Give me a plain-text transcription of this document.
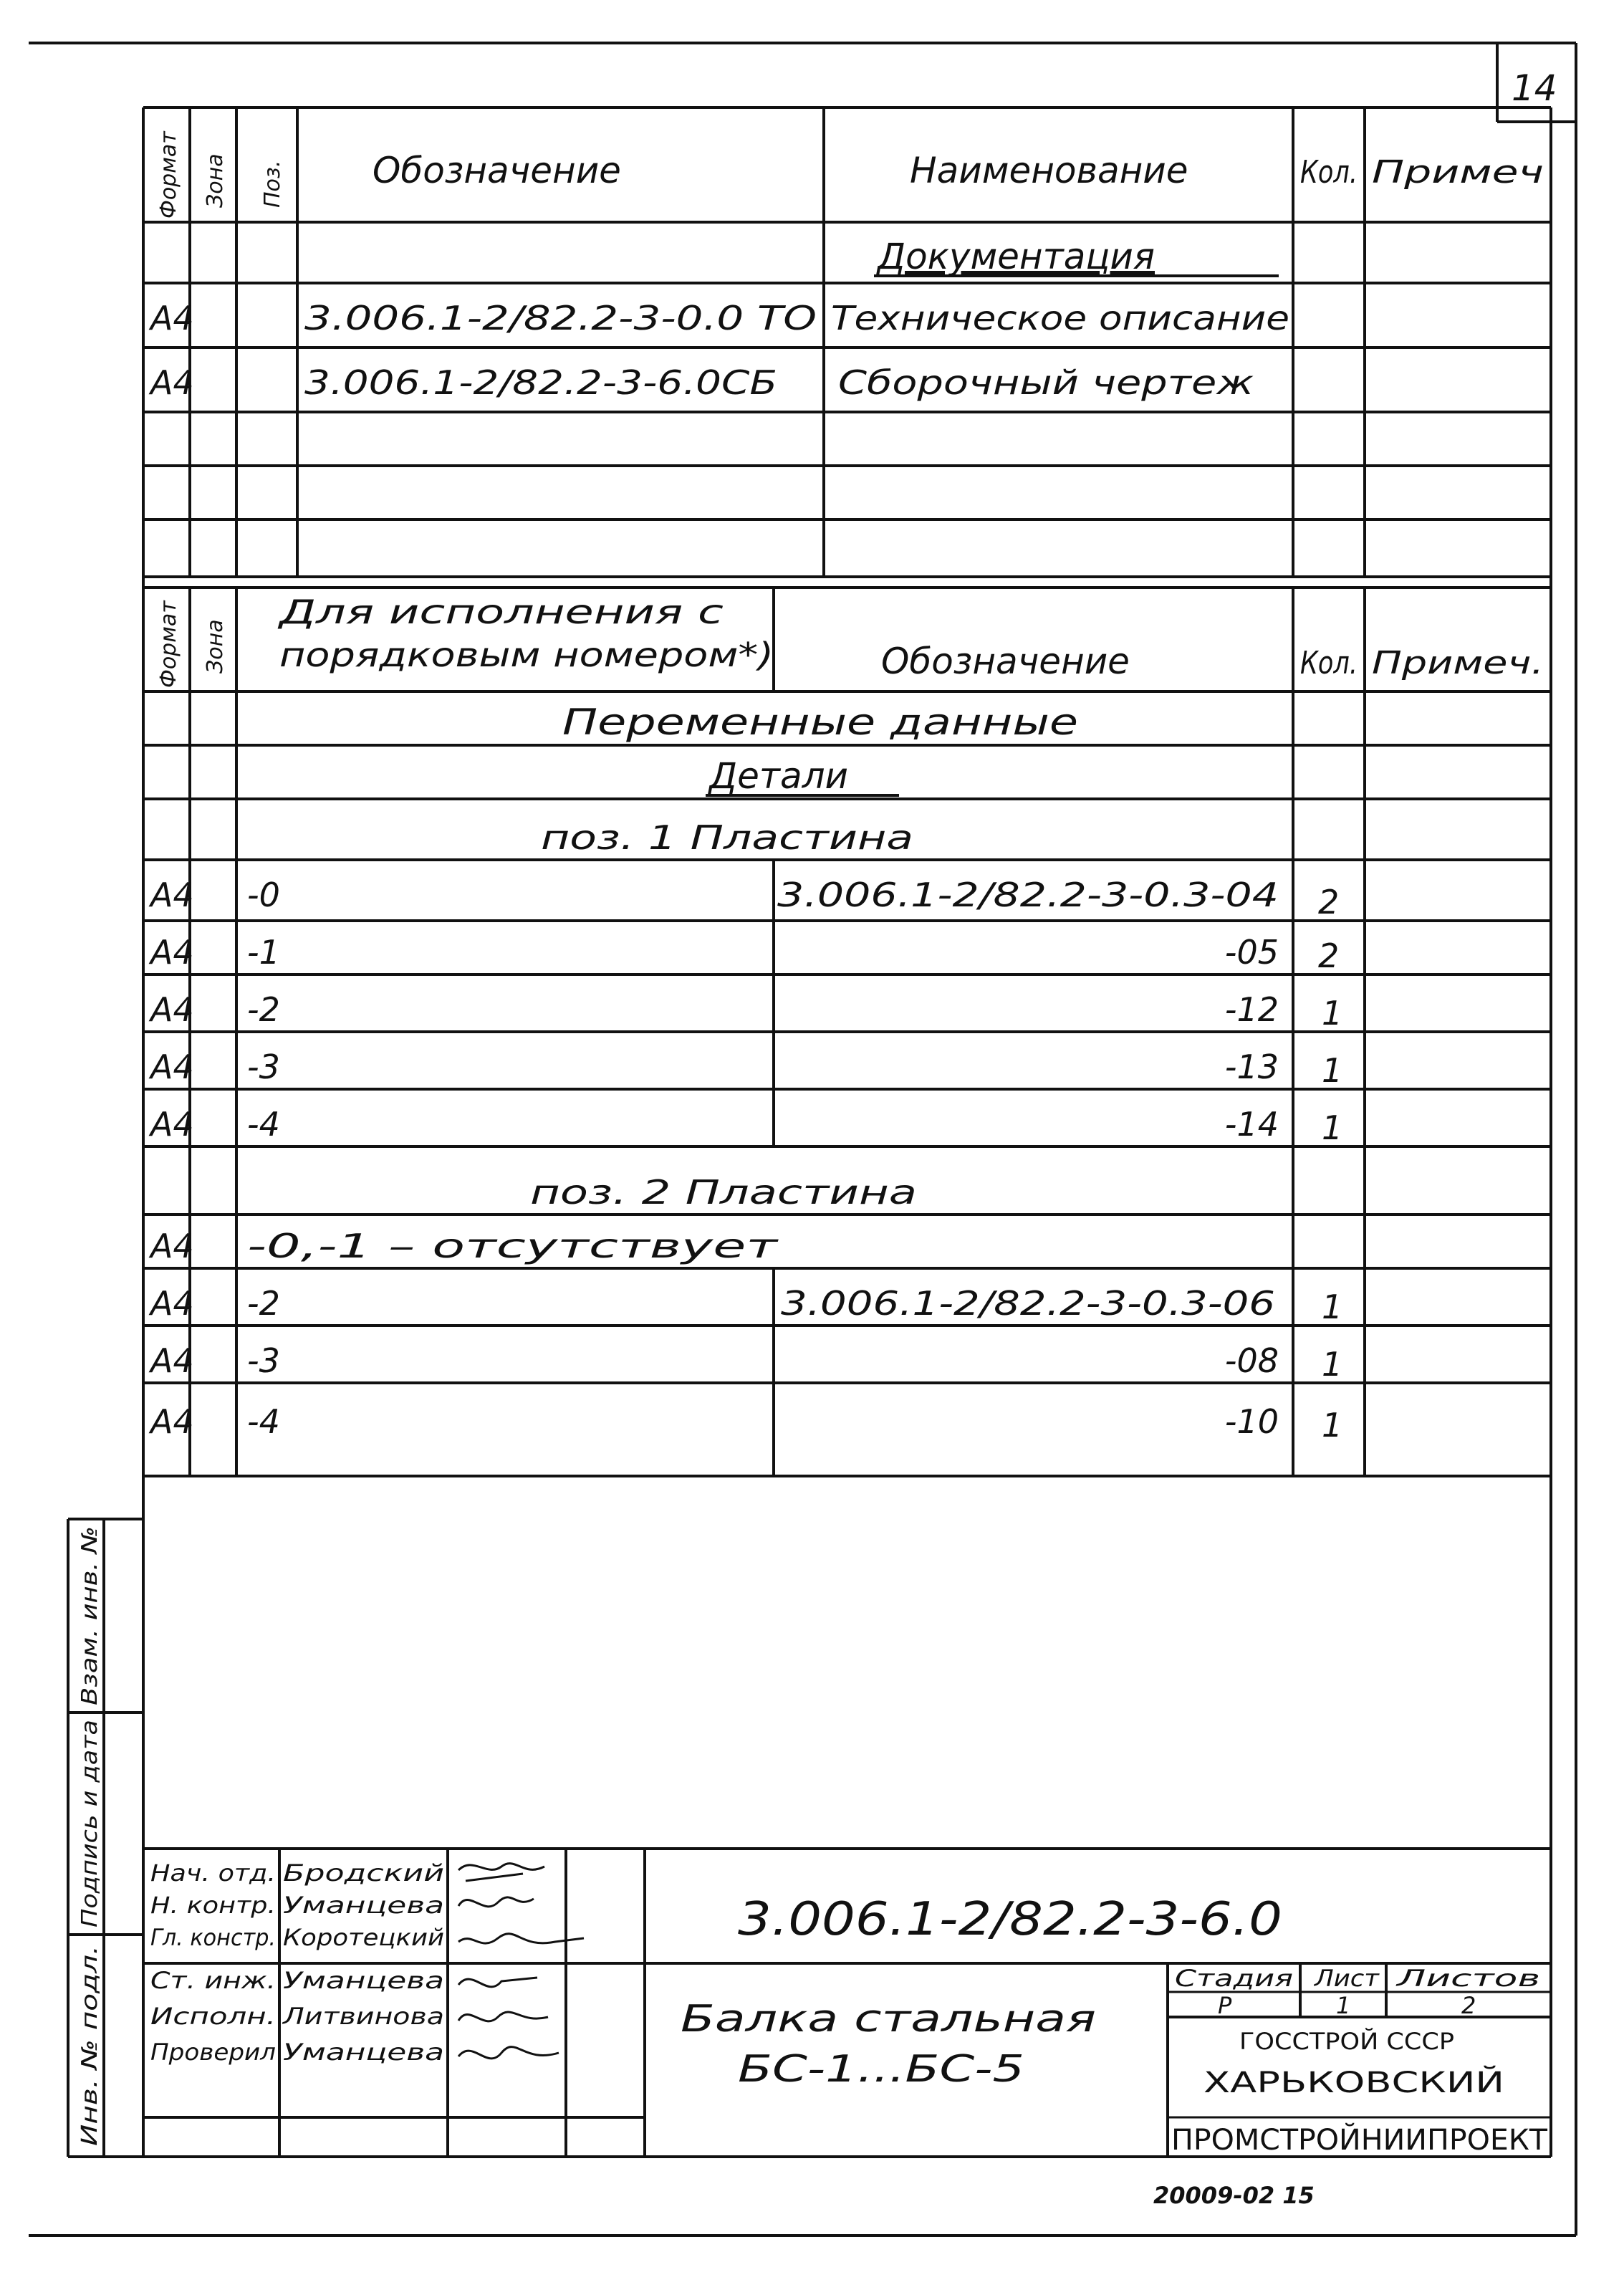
14
Формат Зона Поз. Обозначение	Наименование	Кол. Примеч
Документация
А4	3.006.1-2/82.2-3-0.0 ТО Техническое описание
А4	3.006.1-2/82.2-3-6.0СБ Сборочный чертеж
Формат Зона
Для исполнения с
порядковым номером*)	Обозначение	Кол. Примеч.
Переменные данные
Детали
поз. 1 Пластина
А4 -0	3.006.1-2/82.2-3-0.3-04 2
А4 -1	-05 2
А4 -2	-12 1
А4 -3	-13 1
А4 -4	-14 1
поз. 2 Пластина
А4 -0,-1 – отсутствует
А4 -2	3.006.1-2/82.2-3-0.3-06 1
А4 -3	-08 1
А4 -4	-10 1
Взам. инв. №
Подпись и дата
Инв. № подл.
Нач. отд. Бродский
Н. контр. Уманцева
Гл. констр. Коротецкий
Ст. инж. Уманцева
Исполн. Литвинова
Проверил Уманцева
3.006.1-2/82.2-3-6.0
Балка стальная
БС-1...БС-5
Стадия Лист Листов
Р	1	2
ГОССТРОЙ СССР
ХАРЬКОВСКИЙ
ПРОМСТРОЙНИИПРОЕКТ
20009-02 15
